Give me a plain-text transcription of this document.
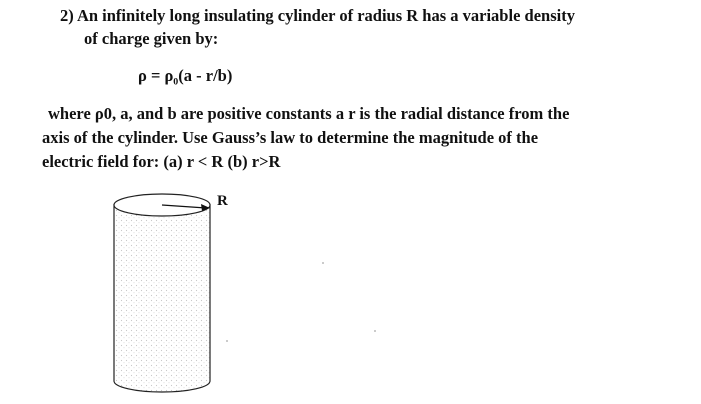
2) An infinitely long insulating cylinder of radius R has a variable density
of charge given by:
ρ = ρ₀(a - r/b)
where ρ0, a, and b are positive constants a r is the radial distance from the
axis of the cylinder. Use Gauss’s law to determine the magnitude of the
electric field for: (a) r < R (b) r>R
R
